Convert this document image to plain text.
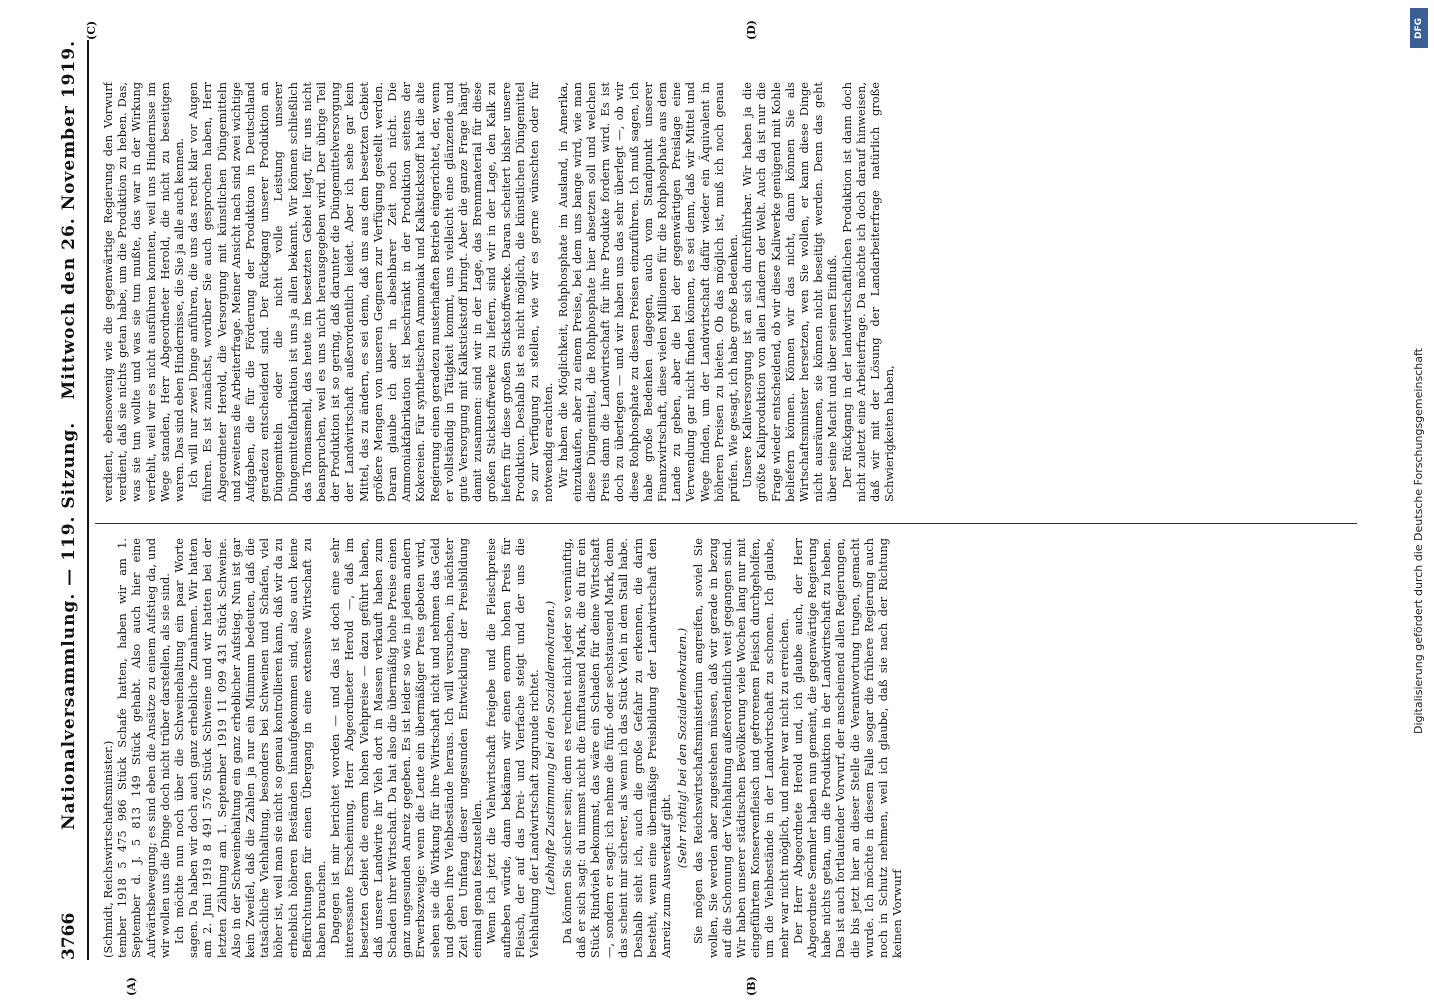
3766
Nationalversammlung. — 119. Sitzung.
Mittwoch den 26. November 1919.
(A)	(B)
(C)	(D)

(Schmidt, Reichswirtschaftsminister.) tember 1918 5 475 986 Stück Schafe hatten, haben wir am 1. September d. J. 5 813 149 Stück gehabt. Also auch hier eine Aufwärtsbewegung; es sind eben die Ansätze zu einem Aufstieg da, und wir wollen uns die Dinge doch nicht trüber darstellen, als sie sind. Ich möchte nun noch über die Schweinehaltung ein paar Worte sagen. Da haben wir doch auch ganz erhebliche Zunahmen. Wir hatten am 2. Juni 1919 8 491 576 Stück Schweine und wir hatten bei der letzten Zählung am 1. September 1919 11 099 431 Stück Schweine. Also in der Schweinehaltung ein ganz erheblicher Aufstieg. Nun ist gar kein Zweifel, daß die Zahlen ja nur ein Minimum bedeuten, daß die tatsächliche Viehhaltung, besonders bei Schweinen und Schafen, viel höher ist, weil man sie nicht so genau kontrollieren kann, daß wir da zu erheblich höheren Beständen hinaufgekommen sind, also auch keine Befürchtungen für einen Übergang in eine extensive Wirtschaft zu haben brauchen. Dagegen ist mir berichtet worden — und das ist doch eine sehr interessante Erscheinung, Herr Abgeordneter Herold —, daß im besetzten Gebiet die enorm hohen Viehpreise — dazu geführt haben, daß unsere Landwirte ihr Vieh dort in Massen verkauft haben zum Schaden ihrer Wirtschaft. Da hat also die übermäßig hohe Preise einen ganz ungesunden Anreiz gegeben. Es ist leider so wie in jedem andern Erwerbszweige: wenn die Leute ein übermäßiger Preis geboten wird, sehen sie die Wirkung für ihre Wirtschaft nicht und nehmen das Geld und geben ihre Viehbestände heraus. Ich will versuchen, in nächster Zeit den Umfang dieser ungesunden Entwicklung der Preisbildung einmal genau festzustellen. Wenn ich jetzt die Viehwirtschaft freigebe und die Fleischpreise aufheben würde, dann bekämen wir einen enorm hohen Preis für Fleisch, der auf das Drei- und Vierfache steigt und der uns die Viehhaltung der Landwirtschaft zugrunde richtet. (Lebhafte Zustimmung bei den Sozialdemokraten.) Da können Sie sicher sein; denn es rechnet nicht jeder so vernünftig, daß er sich sagt: du nimmst nicht die fünftausend Mark, die du für ein Stück Rindvieh bekommst, das wäre ein Schaden für deine Wirtschaft —, sondern er sagt: ich nehme die fünf- oder sechstausend Mark, denn das scheint mir sicherer, als wenn ich das Stück Vieh in dem Stall habe. Deshalb sieht ich, auch die große Gefahr zu erkennen, die darin besteht, wenn eine übermäßige Preisbildung der Landwirtschaft den Anreiz zum Ausverkauf gibt.

(Sehr richtig! bei den Sozialdemokraten.) Sie mögen das Reichswirtschaftsministerium angreifen, soviel Sie wollen, Sie werden aber zugestehen müssen, daß wir gerade in bezug auf die Schonung der Viehhaltung außerordentlich weit gegangen sind. Wir haben unserer städtischen Bevölkerung viele Wochen lang nur mit eingeführtem Konservenfleisch und gefrorenem Fleisch durchgeholfen, um die Viehbestände in der Landwirtschaft zu schonen. Ich glaube, mehr war nicht möglich, und mehr war nicht zu erreichen. Der Herr Abgeordnete Herold und, ich glaube auch, der Herr Abgeordnete Semmler haben nun gemeint, die gegenwärtige Regierung habe nichts getan, um die Produktion in der Landwirtschaft zu heben. Das ist auch fortlaufender Vorwurf, der anscheinend allen Regierungen, die bis jetzt hier an dieser Stelle die Verantwortung trugen, gemacht wurde. Ich möchte in diesem Falle sogar die frühere Regierung auch noch in Schutz nehmen, weil ich glaube, daß sie nach der Richtung keinen Vorwurf

verdient, ebensowenig wie die gegenwärtige Regierung den Vorwurf verdient, daß sie nichts getan habe, um die Produktion zu heben. Das, was sie tun wollte und was sie tun mußte, das war in der Wirkung verfehlt, weil wir es nicht ausführen konnten, weil uns Hindernisse im Wege standen, Herr Abgeordneter Herold, die nicht zu beseitigen waren. Das sind eben Hindernisse, die Sie ja alle auch kennen. Ich will nur zwei Dinge anführen, die uns das recht klar vor Augen führen. Es ist zunächst, worüber Sie auch gesprochen haben, Herr Abgeordneter Herold, die Versorgung mit künstlichen Düngemitteln und zweitens die Arbeiterfrage. Meiner Ansicht nach sind zwei wichtige Aufgaben, die für die Förderung der Produktion in Deutschland geradezu entscheidend sind. Der Rückgang unserer Produktion an Düngemitteln oder die nicht volle Leistung unserer Düngemittelfabrikation ist uns ja allen bekannt. Wir können schließlich das Thomasmehl, das heute im besetzten Gebiet liegt, für uns nicht beanspruchen, weil es uns nicht herausgegeben wird. Der übrige Teil der Produktion ist so gering, daß darunter die Düngemittelversorgung der Landwirtschaft außerordentlich leidet. Aber ich sehe gar kein Mittel, das zu ändern, es sei denn, daß uns aus dem besetzten Gebiet größere Mengen von unseren Gegnern zur Verfügung gestellt werden. Daran glaube ich aber in absehbarer Zeit noch nicht. Die Ammoniakfabrikation ist beschränkt in der Produktion seitens der Kokereien. Für synthetischen Ammoniak und Kalkstickstoff hat die alte Regierung einen geradezu musterhaften Betrieb eingerichtet, der, wenn er vollständig in Tätigkeit kommt, uns vielleicht eine glänzende und gute Versorgung mit Kalkstickstoff bringt. Aber die ganze Frage hängt damit zusammen: sind wir in der Lage, das Brennmaterial für diese großen Stickstoffwerke zu liefern, sind wir in der Lage, den Kalk zu liefern für diese großen Stickstoffwerke. Daran scheitert bisher unsere Produktion. Deshalb ist es nicht möglich, die künstlichen Düngemittel so zur Verfügung zu stellen, wie wir es gerne wünschten oder für notwendig erachten. Wir haben die Möglichkeit, Rohphosphate im Ausland, in Amerika, einzukaufen, aber zu einem Preise, bei dem uns bange wird, wie man diese Düngemittel, die Rohphosphate hier absetzen soll und welchen Preis dann die Landwirtschaft für ihre Produkte fordern wird. Es ist doch zu überlegen — und wir haben uns das sehr überlegt —, ob wir diese Rohphosphate zu diesen Preisen einzuführen. Ich muß sagen, ich habe große Bedenken dagegen, auch vom Standpunkt unserer Finanzwirtschaft, diese vielen Millionen für die Rohphosphate aus dem Lande zu geben, aber die bei der gegenwärtigen Preislage eine Verwendung gar nicht finden können, es sei denn, daß wir Mittel und Wege finden, um der Landwirtschaft dafür wieder ein Äquivalent in höheren Preisen zu bieten. Ob das möglich ist, muß ich noch genau prüfen. Wie gesagt, ich habe große Bedenken. Unsere Kaliversorgung ist an sich durchführbar. Wir haben ja die größte Kaliproduktion von allen Ländern der Welt. Auch da ist nur die Frage wieder entscheidend, ob wir diese Kaliwerke genügend mit Kohle beliefern können. Können wir das nicht, dann können Sie als Wirtschaftsminister hersetzen, wen Sie wollen, er kann diese Dinge nicht ausräumen, sie können nicht beseitigt werden. Denn das geht über seine Macht und über seinen Einfluß. Der Rückgang in der landwirtschaftlichen Produktion ist dann doch nicht zuletzt eine Arbeiterfrage. Da möchte ich doch darauf hinweisen, daß wir mit der Lösung der Landarbeiterfrage natürlich große Schwierigkeiten haben,

DFG
Digitalisierung gefördert durch die Deutsche Forschungsgemeinschaft
